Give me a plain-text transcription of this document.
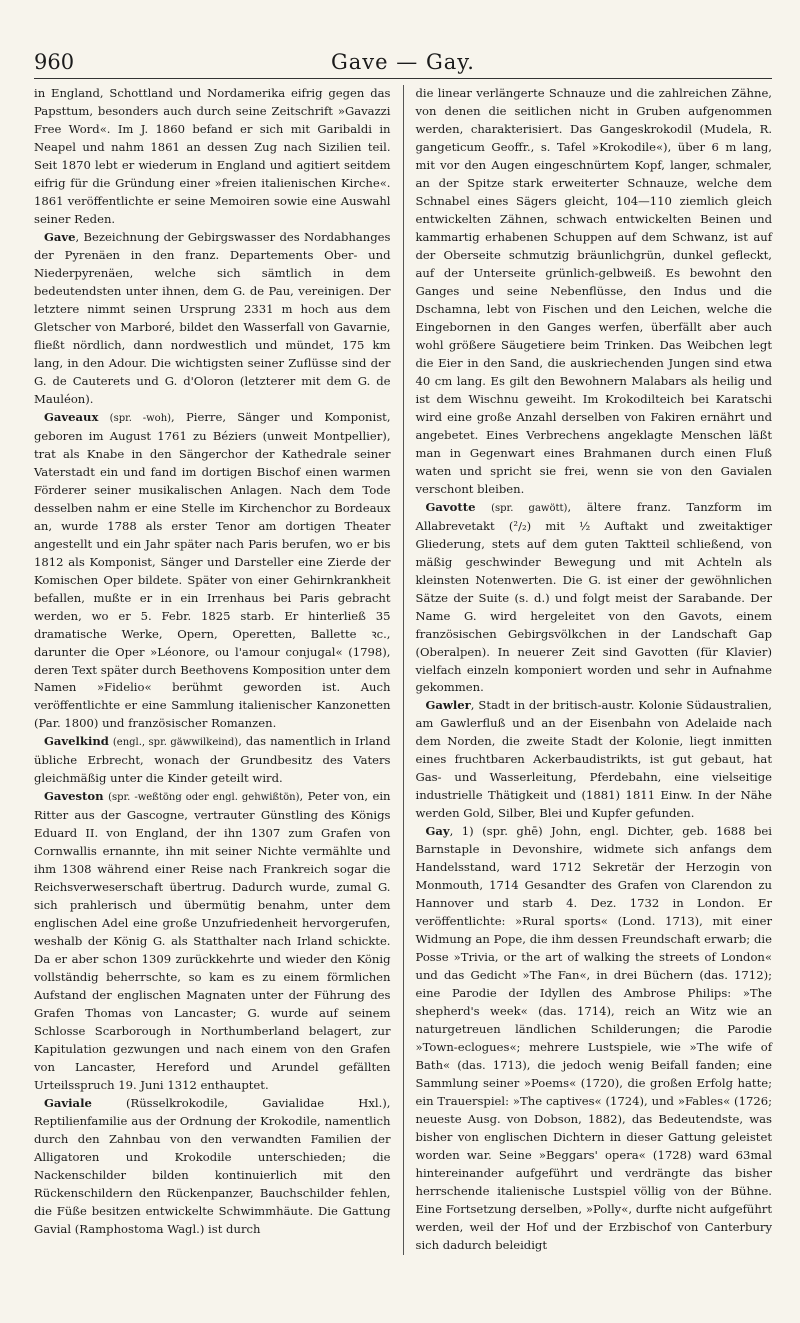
960	Gave — Gay.

in England, Schottland und Nordamerika eifrig gegen das Papsttum, besonders auch durch seine Zeitschrift »Gavazzi Free Word«. Im J. 1860 befand er sich mit Garibaldi in Neapel und nahm 1861 an dessen Zug nach Sizilien teil. Seit 1870 lebt er wiederum in England und agitiert seitdem eifrig für die Gründung einer »freien italienischen Kirche«. 1861 veröffentlichte er seine Memoiren sowie eine Auswahl seiner Reden.

Gave, Bezeichnung der Gebirgswasser des Nordabhanges der Pyrenäen in den franz. Departements Ober- und Niederpyrenäen, welche sich sämtlich in dem bedeutendsten unter ihnen, dem G. de Pau, vereinigen. Der letztere nimmt seinen Ursprung 2331 m hoch aus dem Gletscher von Marboré, bildet den Wasserfall von Gavarnie, fließt nördlich, dann nordwestlich und mündet, 175 km lang, in den Adour. Die wichtigsten seiner Zuflüsse sind der G. de Cauterets und G. d'Oloron (letzterer mit dem G. de Mauléon).

Gaveaux (spr. -woh), Pierre, Sänger und Komponist, geboren im August 1761 zu Béziers (unweit Montpellier), trat als Knabe in den Sängerchor der Kathedrale seiner Vaterstadt ein und fand im dortigen Bischof einen warmen Förderer seiner musikalischen Anlagen. Nach dem Tode desselben nahm er eine Stelle im Kirchenchor zu Bordeaux an, wurde 1788 als erster Tenor am dortigen Theater angestellt und ein Jahr später nach Paris berufen, wo er bis 1812 als Komponist, Sänger und Darsteller eine Zierde der Komischen Oper bildete. Später von einer Gehirnkrankheit befallen, mußte er in ein Irrenhaus bei Paris gebracht werden, wo er 5. Febr. 1825 starb. Er hinterließ 35 dramatische Werke, Opern, Operetten, Ballette ꝛc., darunter die Oper »Léonore, ou l'amour conjugal« (1798), deren Text später durch Beethovens Komposition unter dem Namen »Fidelio« berühmt geworden ist. Auch veröffentlichte er eine Sammlung italienischer Kanzonetten (Par. 1800) und französischer Romanzen.

Gavelkind (engl., spr. gäwwilkeind), das namentlich in Irland übliche Erbrecht, wonach der Grundbesitz des Vaters gleichmäßig unter die Kinder geteilt wird.

Gaveston (spr. -weßtöng oder engl. gehwißtön), Peter von, ein Ritter aus der Gascogne, vertrauter Günstling des Königs Eduard II. von England, der ihn 1307 zum Grafen von Cornwallis ernannte, ihn mit seiner Nichte vermählte und ihm 1308 während einer Reise nach Frankreich sogar die Reichsverweserschaft übertrug. Dadurch wurde, zumal G. sich prahlerisch und übermütig benahm, unter dem englischen Adel eine große Unzufriedenheit hervorgerufen, weshalb der König G. als Statthalter nach Irland schickte. Da er aber schon 1309 zurückkehrte und wieder den König vollständig beherrschte, so kam es zu einem förmlichen Aufstand der englischen Magnaten unter der Führung des Grafen Thomas von Lancaster; G. wurde auf seinem Schlosse Scarborough in Northumberland belagert, zur Kapitulation gezwungen und nach einem von den Grafen von Lancaster, Hereford und Arundel gefällten Urteilsspruch 19. Juni 1312 enthauptet.

Gaviale (Rüsselkrokodile, Gavialidae Hxl.), Reptilienfamilie aus der Ordnung der Krokodile, namentlich durch den Zahnbau von den verwandten Familien der Alligatoren und Krokodile unterschieden; die Nackenschilder bilden kontinuierlich mit den Rückenschildern den Rückenpanzer, Bauchschilder fehlen, die Füße besitzen entwickelte Schwimmhäute. Die Gattung Gavial (Ramphostoma Wagl.) ist durch

die linear verlängerte Schnauze und die zahlreichen Zähne, von denen die seitlichen nicht in Gruben aufgenommen werden, charakterisiert. Das Gangeskrokodil (Mudela, R. gangeticum Geoffr., s. Tafel »Krokodile«), über 6 m lang, mit vor den Augen eingeschnürtem Kopf, langer, schmaler, an der Spitze stark erweiterter Schnauze, welche dem Schnabel eines Sägers gleicht, 104—110 ziemlich gleich entwickelten Zähnen, schwach entwickelten Beinen und kammartig erhabenen Schuppen auf dem Schwanz, ist auf der Oberseite schmutzig bräunlichgrün, dunkel gefleckt, auf der Unterseite grünlich-gelbweiß. Es bewohnt den Ganges und seine Nebenflüsse, den Indus und die Dschamna, lebt von Fischen und den Leichen, welche die Eingebornen in den Ganges werfen, überfällt aber auch wohl größere Säugetiere beim Trinken. Das Weibchen legt die Eier in den Sand, die auskriechenden Jungen sind etwa 40 cm lang. Es gilt den Bewohnern Malabars als heilig und ist dem Wischnu geweiht. Im Krokodilteich bei Karatschi wird eine große Anzahl derselben von Fakiren ernährt und angebetet. Eines Verbrechens angeklagte Menschen läßt man in Gegenwart eines Brahmanen durch einen Fluß waten und spricht sie frei, wenn sie von den Gavialen verschont bleiben.

Gavotte (spr. gawött), ältere franz. Tanzform im Allabrevetakt (²/₂) mit ½ Auftakt und zweitaktiger Gliederung, stets auf dem guten Taktteil schließend, von mäßig geschwinder Bewegung und mit Achteln als kleinsten Notenwerten. Die G. ist einer der gewöhnlichen Sätze der Suite (s. d.) und folgt meist der Sarabande. Der Name G. wird hergeleitet von den Gavots, einem französischen Gebirgsvölkchen in der Landschaft Gap (Oberalpen). In neuerer Zeit sind Gavotten (für Klavier) vielfach einzeln komponiert worden und sehr in Aufnahme gekommen.

Gawler, Stadt in der britisch-austr. Kolonie Südaustralien, am Gawlerfluß und an der Eisenbahn von Adelaide nach dem Norden, die zweite Stadt der Kolonie, liegt inmitten eines fruchtbaren Ackerbaudistrikts, ist gut gebaut, hat Gas- und Wasserleitung, Pferdebahn, eine vielseitige industrielle Thätigkeit und (1881) 1811 Einw. In der Nähe werden Gold, Silber, Blei und Kupfer gefunden.

Gay, 1) (spr. ghē) John, engl. Dichter, geb. 1688 bei Barnstaple in Devonshire, widmete sich anfangs dem Handelsstand, ward 1712 Sekretär der Herzogin von Monmouth, 1714 Gesandter des Grafen von Clarendon zu Hannover und starb 4. Dez. 1732 in London. Er veröffentlichte: »Rural sports« (Lond. 1713), mit einer Widmung an Pope, die ihm dessen Freundschaft erwarb; die Posse »Trivia, or the art of walking the streets of London« und das Gedicht »The Fan«, in drei Büchern (das. 1712); eine Parodie der Idyllen des Ambrose Philips: »The shepherd's week« (das. 1714), reich an Witz wie an naturgetreuen ländlichen Schilderungen; die Parodie »Town-eclogues«; mehrere Lustspiele, wie »The wife of Bath« (das. 1713), die jedoch wenig Beifall fanden; eine Sammlung seiner »Poems« (1720), die großen Erfolg hatte; ein Trauerspiel: »The captives« (1724), und »Fables« (1726; neueste Ausg. von Dobson, 1882), das Bedeutendste, was bisher von englischen Dichtern in dieser Gattung geleistet worden war. Seine »Beggars' opera« (1728) ward 63mal hintereinander aufgeführt und verdrängte das bisher herrschende italienische Lustspiel völlig von der Bühne. Eine Fortsetzung derselben, »Polly«, durfte nicht aufgeführt werden, weil der Hof und der Erzbischof von Canterbury sich dadurch beleidigt
